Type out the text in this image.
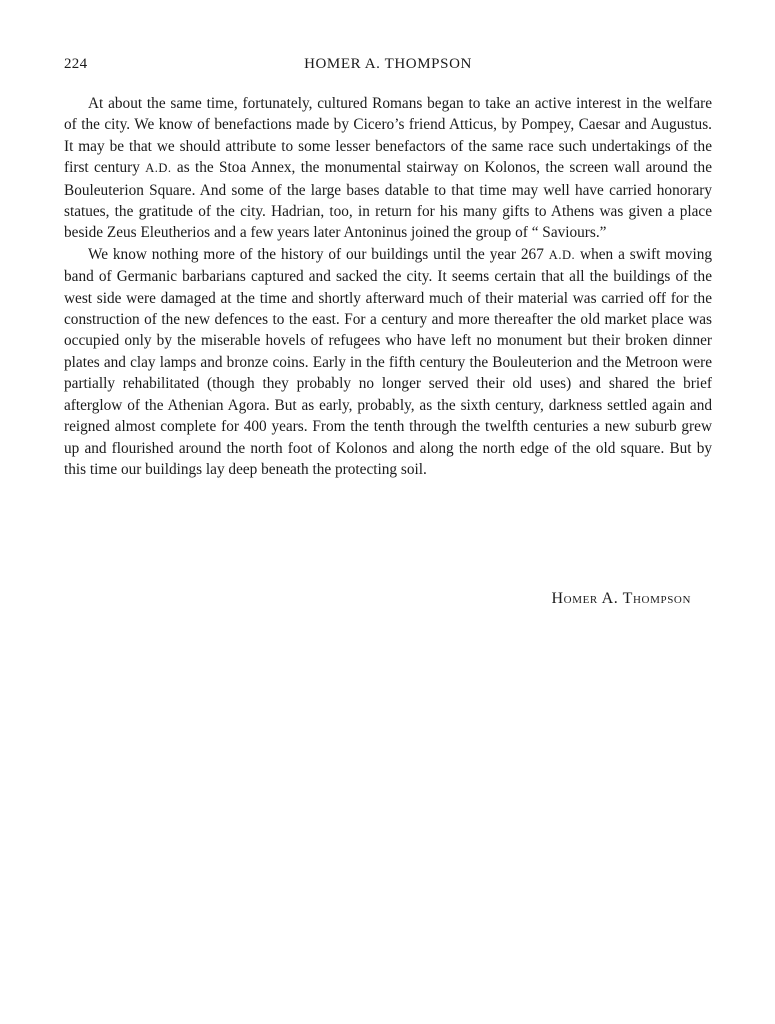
224	HOMER A. THOMPSON

At about the same time, fortunately, cultured Romans began to take an active interest in the welfare of the city. We know of benefactions made by Cicero’s friend Atticus, by Pompey, Caesar and Augustus. It may be that we should attribute to some lesser benefactors of the same race such undertakings of the first century A.D. as the Stoa Annex, the monumental stairway on Kolonos, the screen wall around the Bouleuterion Square. And some of the large bases datable to that time may well have carried honorary statues, the gratitude of the city. Hadrian, too, in return for his many gifts to Athens was given a place beside Zeus Eleutherios and a few years later Antoninus joined the group of “ Saviours.”

We know nothing more of the history of our buildings until the year 267 A.D. when a swift moving band of Germanic barbarians captured and sacked the city. It seems certain that all the buildings of the west side were damaged at the time and shortly afterward much of their material was carried off for the construction of the new defences to the east. For a century and more thereafter the old market place was occupied only by the miserable hovels of refugees who have left no monument but their broken dinner plates and clay lamps and bronze coins. Early in the fifth century the Bouleuterion and the Metroon were partially rehabilitated (though they probably no longer served their old uses) and shared the brief afterglow of the Athenian Agora. But as early, probably, as the sixth century, darkness settled again and reigned almost complete for 400 years. From the tenth through the twelfth centuries a new suburb grew up and flourished around the north foot of Kolonos and along the north edge of the old square. But by this time our buildings lay deep beneath the protecting soil.

Homer A. Thompson
